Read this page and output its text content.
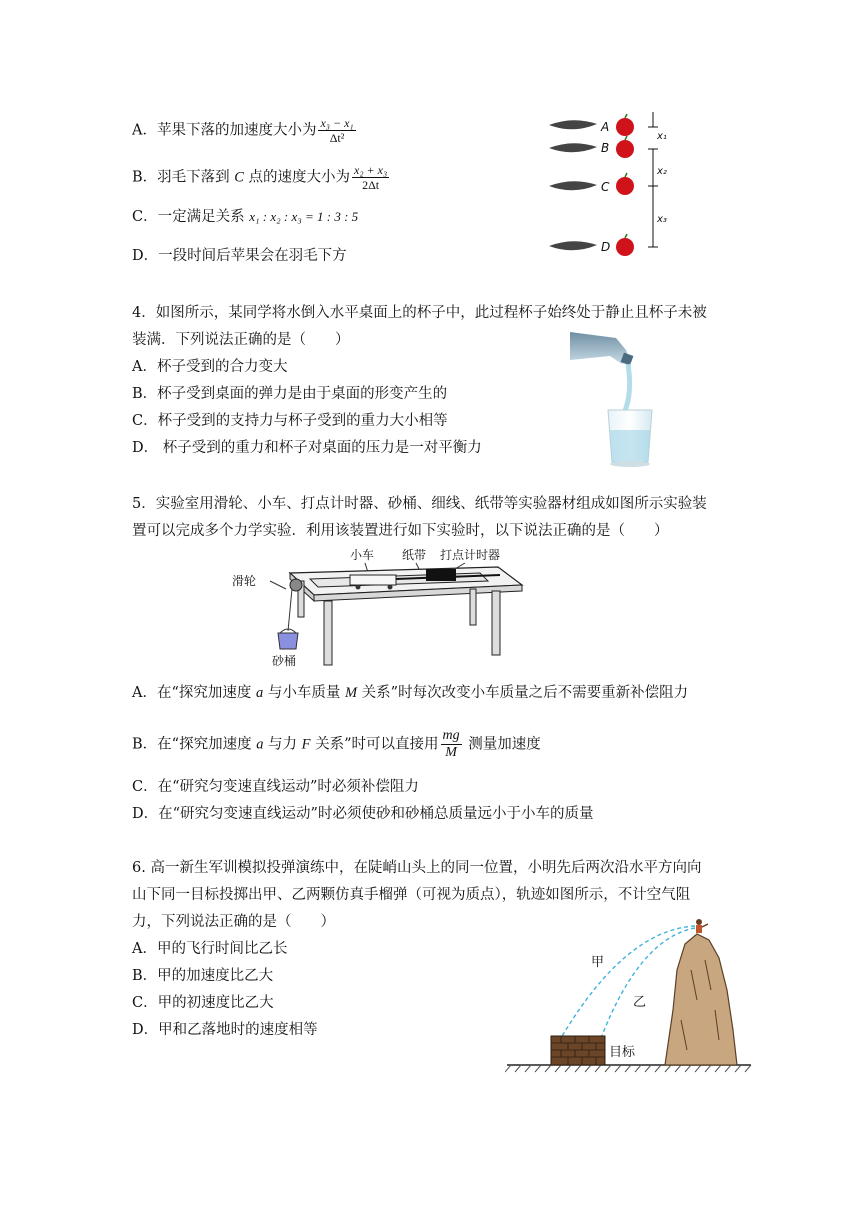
A．苹果下落的加速度大小为 $\frac{\text{x₃ − x₁}}{\text{Δt²}}$
B．羽毛下落到 C 点的速度大小为 $\frac{\text{x₂ + x₃}}{2\Delta t}$
C．一定满足关系 x₁ : x₂ : x₃ = 1 : 3 : 5
D．一段时间后苹果会在羽毛下方
A
B
C
D
x₁
x₂
x₃
4．如图所示，某同学将水倒入水平桌面上的杯子中，此过程杯子始终处于静止且杯子未被
装满．下列说法正确的是（　　）
A．杯子受到的合力变大
B．杯子受到桌面的弹力是由于桌面的形变产生的
C．杯子受到的支持力与杯子受到的重力大小相等
D． 杯子受到的重力和杯子对桌面的压力是一对平衡力
5．实验室用滑轮、小车、打点计时器、砂桶、细线、纸带等实验器材组成如图所示实验装
置可以完成多个力学实验．利用该装置进行如下实验时，以下说法正确的是（　　）
小车 纸带 打点计时器
滑轮
砂桶
A．在“探究加速度 a 与小车质量 M 关系”时每次改变小车质量之后不需要重新补偿阻力
B．在“探究加速度 a 与力 F 关系”时可以直接用 $\frac{mg}{M}$ 测量加速度
C．在“研究匀变速直线运动”时必须补偿阻力
D．在“研究匀变速直线运动”时必须使砂和砂桶总质量远小于小车的质量
6. 高一新生军训模拟投弹演练中，在陡峭山头上的同一位置，小明先后两次沿水平方向向
山下同一目标投掷出甲、乙两颗仿真手榴弹（可视为质点），轨迹如图所示，不计空气阻
力，下列说法正确的是（　　）
A．甲的飞行时间比乙长
B．甲的加速度比乙大
C．甲的初速度比乙大
D．甲和乙落地时的速度相等
甲
乙
目标
